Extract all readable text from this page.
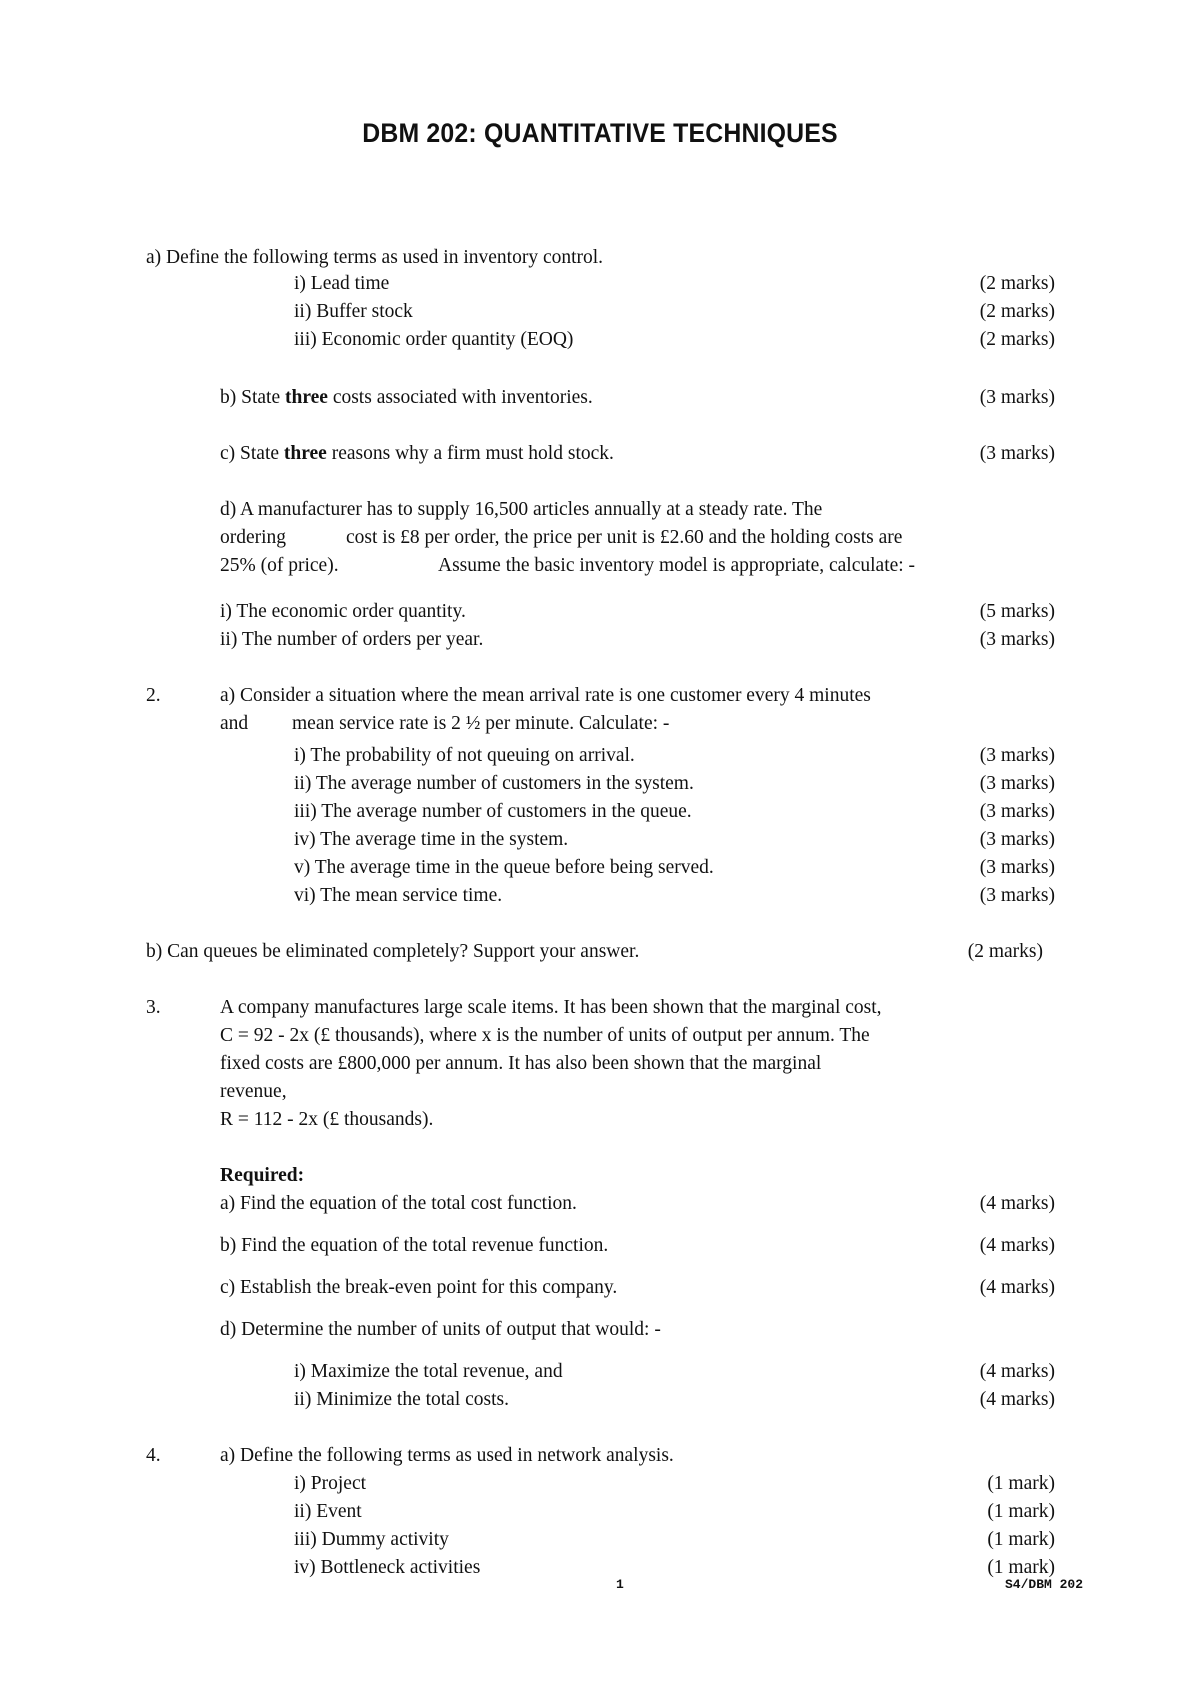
DBM 202: QUANTITATIVE TECHNIQUES
a) Define the following terms as used in inventory control.
i) Lead time	(2 marks)
ii) Buffer stock	(2 marks)
iii) Economic order quantity (EOQ)	(2 marks)
b) State three costs associated with inventories.	(3 marks)
c) State three reasons why a firm must hold stock.	(3 marks)
d) A manufacturer has to supply 16,500 articles annually at a steady rate. The
ordering	cost is £8 per order, the price per unit is £2.60 and the holding costs are
25% (of price).	Assume the basic inventory model is appropriate, calculate: -
i) The economic order quantity.	(5 marks)
ii) The number of orders per year.	(3 marks)
2.	a) Consider a situation where the mean arrival rate is one customer every 4 minutes
and mean service rate is 2 ½ per minute. Calculate: -
i) The probability of not queuing on arrival.	(3 marks)
ii) The average number of customers in the system.	(3 marks)
iii) The average number of customers in the queue.	(3 marks)
iv) The average time in the system.	(3 marks)
v) The average time in the queue before being served.	(3 marks)
vi) The mean service time.	(3 marks)
b) Can queues be eliminated completely? Support your answer.	(2 marks)
3.	A company manufactures large scale items. It has been shown that the marginal cost,
C = 92 - 2x (£ thousands), where x is the number of units of output per annum. The
fixed costs are £800,000 per annum. It has also been shown that the marginal
revenue,
R = 112 - 2x (£ thousands).
Required:
a) Find the equation of the total cost function.	(4 marks)
b) Find the equation of the total revenue function.	(4 marks)
c) Establish the break-even point for this company.	(4 marks)
d) Determine the number of units of output that would: -
i) Maximize the total revenue, and	(4 marks)
ii) Minimize the total costs.	(4 marks)
4.	a) Define the following terms as used in network analysis.
i) Project	(1 mark)
ii) Event	(1 mark)
iii) Dummy activity	(1 mark)
iv) Bottleneck activities	(1 mark)
1	S4/DBM 202
